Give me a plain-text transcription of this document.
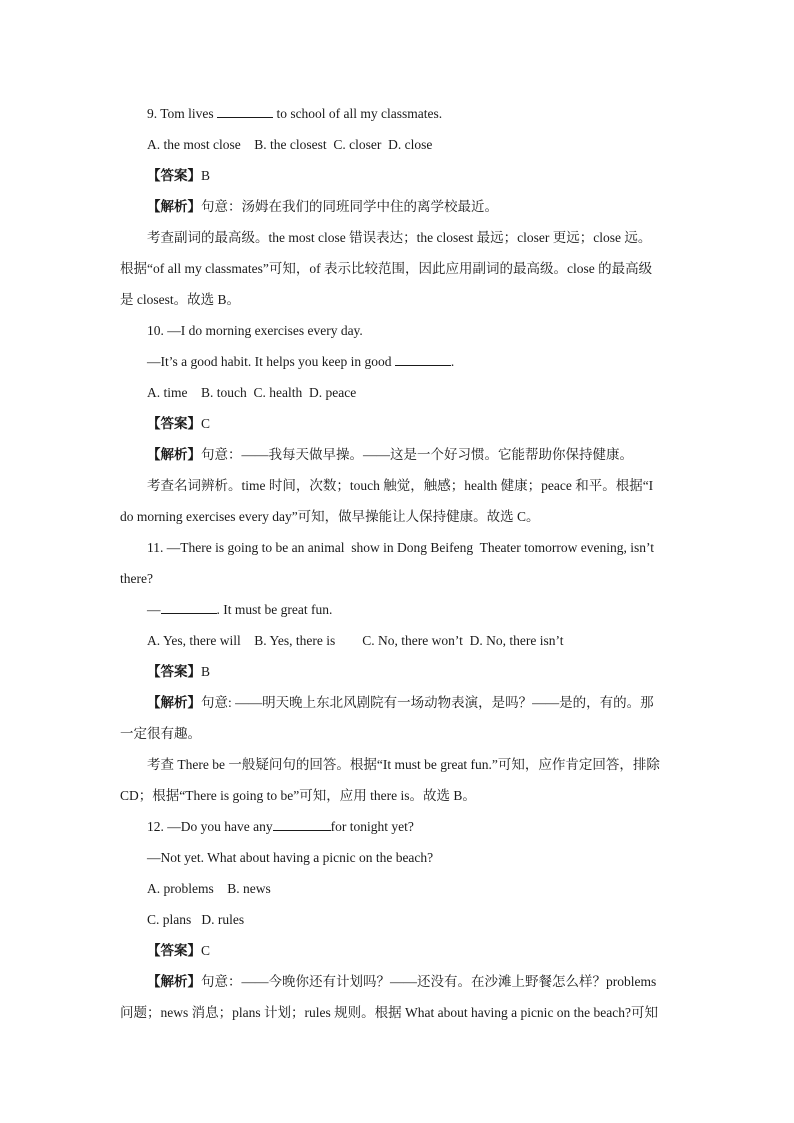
9. Tom lives	to school of all my classmates.
A. the most close    B. the closest  C. closer  D. close
【答案】B
【解析】句意：汤姆在我们的同班同学中住的离学校最近。
考查副词的最高级。the most close 错误表达；the closest 最远；closer 更远；close 远。
根据“of all my classmates”可知，of 表示比较范围，因此应用副词的最高级。close 的最高级
是 closest。故选 B。
10. —I do morning exercises every day.
—It’s a good habit. It helps you keep in good	.
A. time    B. touch  C. health  D. peace
【答案】C
【解析】句意：——我每天做早操。——这是一个好习惯。它能帮助你保持健康。
考查名词辨析。time 时间，次数；touch 触觉，触感；health 健康；peace 和平。根据“I
do morning exercises every day”可知，做早操能让人保持健康。故选 C。
11. —There is going to be an animal  show in Dong Beifeng  Theater tomorrow evening, isn’t
there?
—	. It must be great fun.
A. Yes, there will    B. Yes, there is        C. No, there won’t  D. No, there isn’t
【答案】B
【解析】句意: ——明天晚上东北风剧院有一场动物表演，是吗？——是的，有的。那
一定很有趣。
考查 There be 一般疑问句的回答。根据“It must be great fun.”可知，应作肯定回答，排除
CD；根据“There is going to be”可知，应用 there is。故选 B。
12. —Do you have any	for tonight yet?
—Not yet. What about having a picnic on the beach?
A. problems    B. news
C. plans   D. rules
【答案】C
【解析】句意：——今晚你还有计划吗？——还没有。在沙滩上野餐怎么样？problems
问题；news 消息；plans 计划；rules 规则。根据 What about having a picnic on the beach?可知
